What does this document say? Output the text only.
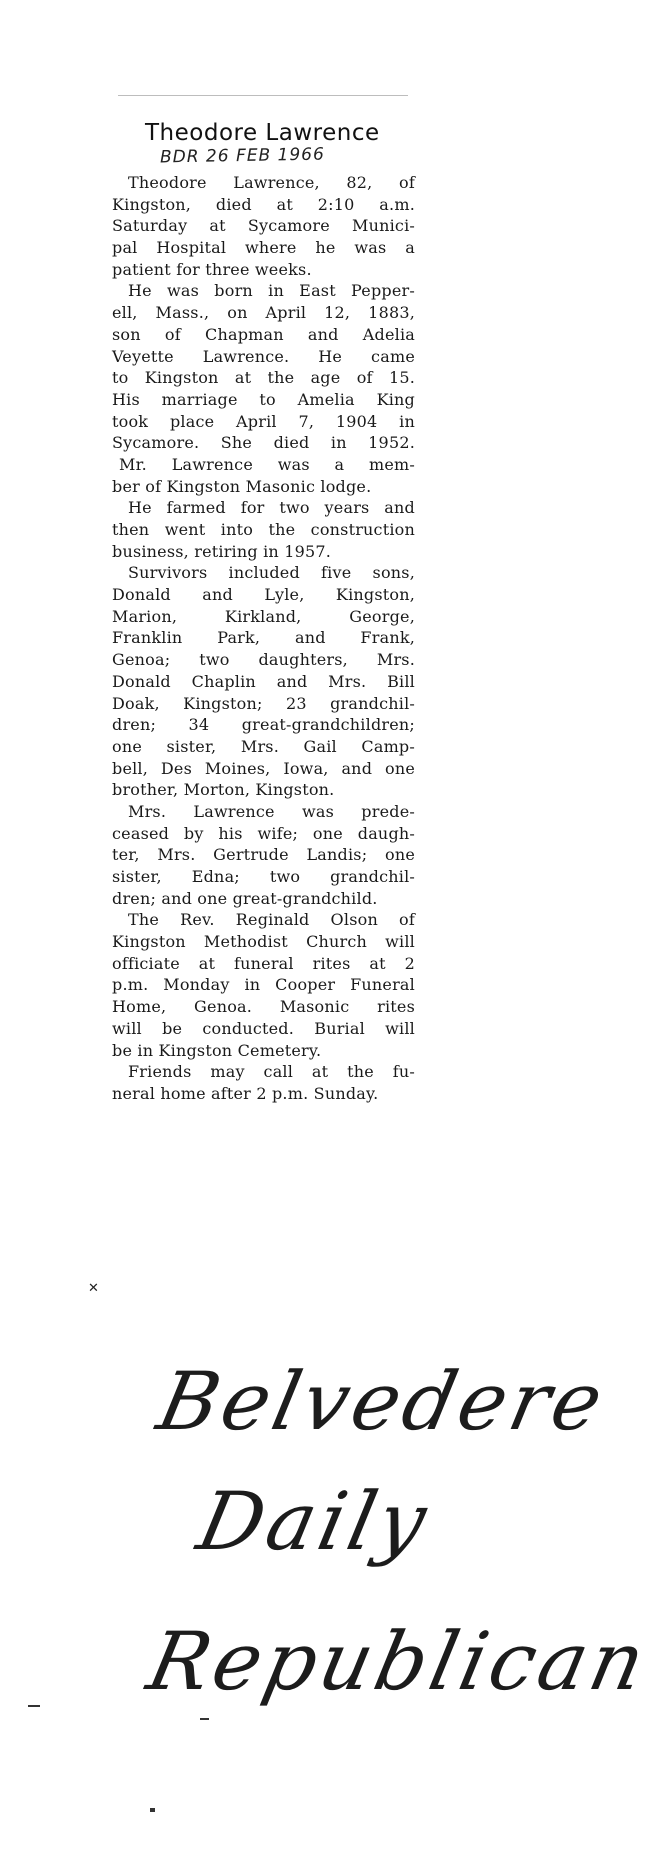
Theodore Lawrence
BDR 26 FEB 1966
Theodore Lawrence, 82, of
Kingston, died at 2:10 a.m.
Saturday at Sycamore Munici-
pal Hospital where he was a
patient for three weeks.
He was born in East Pepper-
ell, Mass., on April 12, 1883,
son of Chapman and Adelia
Veyette Lawrence. He came
to Kingston at the age of 15.
His marriage to Amelia King
took place April 7, 1904 in
Sycamore. She died in 1952.
Mr. Lawrence was a mem-
ber of Kingston Masonic lodge.
He farmed for two years and
then went into the construction
business, retiring in 1957.
Survivors included five sons,
Donald and Lyle, Kingston,
Marion, Kirkland, George,
Franklin Park, and Frank,
Genoa; two daughters, Mrs.
Donald Chaplin and Mrs. Bill
Doak, Kingston; 23 grandchil-
dren; 34 great-grandchildren;
one sister, Mrs. Gail Camp-
bell, Des Moines, Iowa, and one
brother, Morton, Kingston.
Mrs. Lawrence was prede-
ceased by his wife; one daugh-
ter, Mrs. Gertrude Landis; one
sister, Edna; two grandchil-
dren; and one great-grandchild.
The Rev. Reginald Olson of
Kingston Methodist Church will
officiate at funeral rites at 2
p.m. Monday in Cooper Funeral
Home, Genoa. Masonic rites
will be conducted. Burial will
be in Kingston Cemetery.
Friends may call at the fu-
neral home after 2 p.m. Sunday.
✕
Belvedere
Daily
Republican
